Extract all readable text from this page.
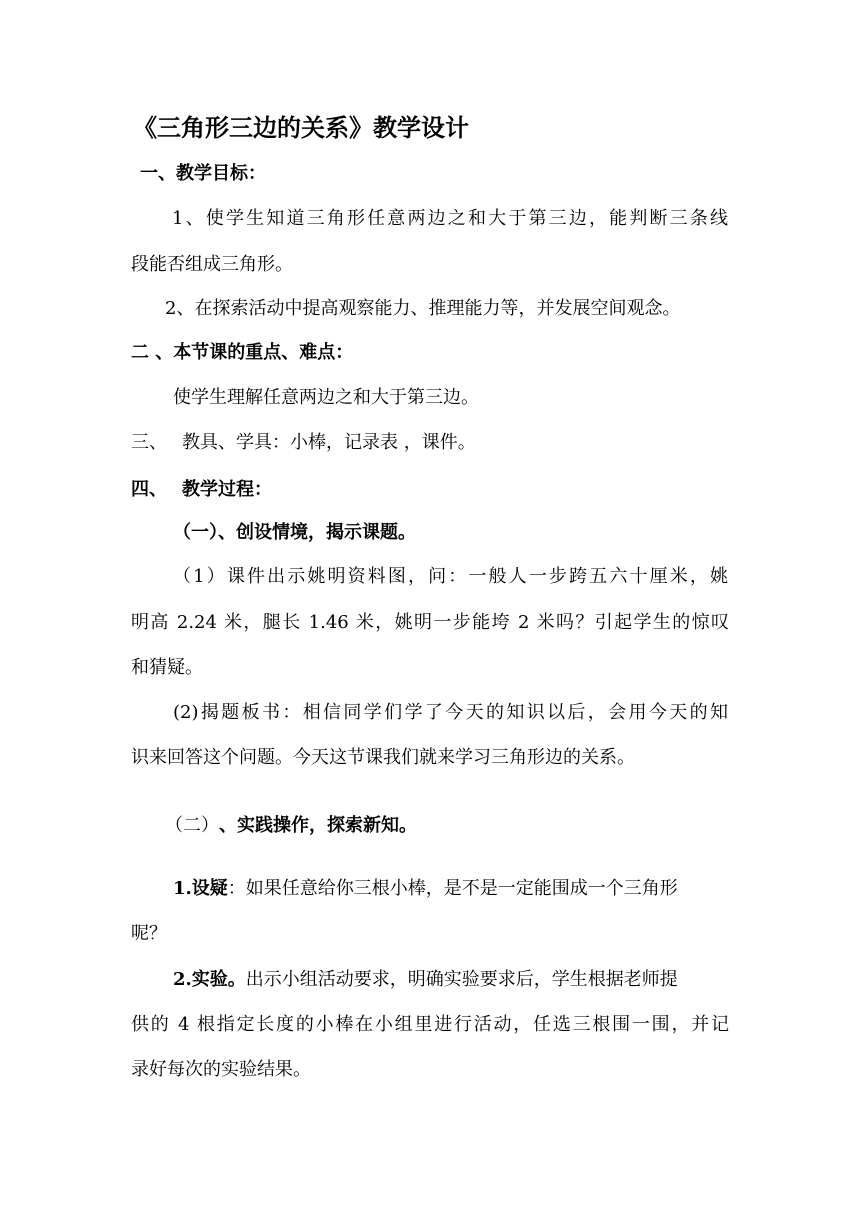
《三角形三边的关系》教学设计
一、教学目标：
1、使学生知道三角形任意两边之和大于第三边，能判断三条线
段能否组成三角形。
2、在探索活动中提高观察能力、推理能力等，并发展空间观念。
二 、本节课的重点、难点：
使学生理解任意两边之和大于第三边。
三、 教具、学具：小棒，记录表 ，课件。
四、 教学过程：
（一）、创设情境，揭示课题。
（1）课件出示姚明资料图，问：一般人一步跨五六十厘米，姚
明高 2.24 米，腿长 1.46 米，姚明一步能垮 2 米吗？引起学生的惊叹
和猜疑。
(2)揭题板书：相信同学们学了今天的知识以后，会用今天的知
识来回答这个问题。今天这节课我们就来学习三角形边的关系。
（二） 、实践操作，探索新知。
1.设疑：如果任意给你三根小棒，是不是一定能围成一个三角形
呢？
2.实验。出示小组活动要求，明确实验要求后，学生根据老师提
供的 4 根指定长度的小棒在小组里进行活动，任选三根围一围，并记
录好每次的实验结果。
